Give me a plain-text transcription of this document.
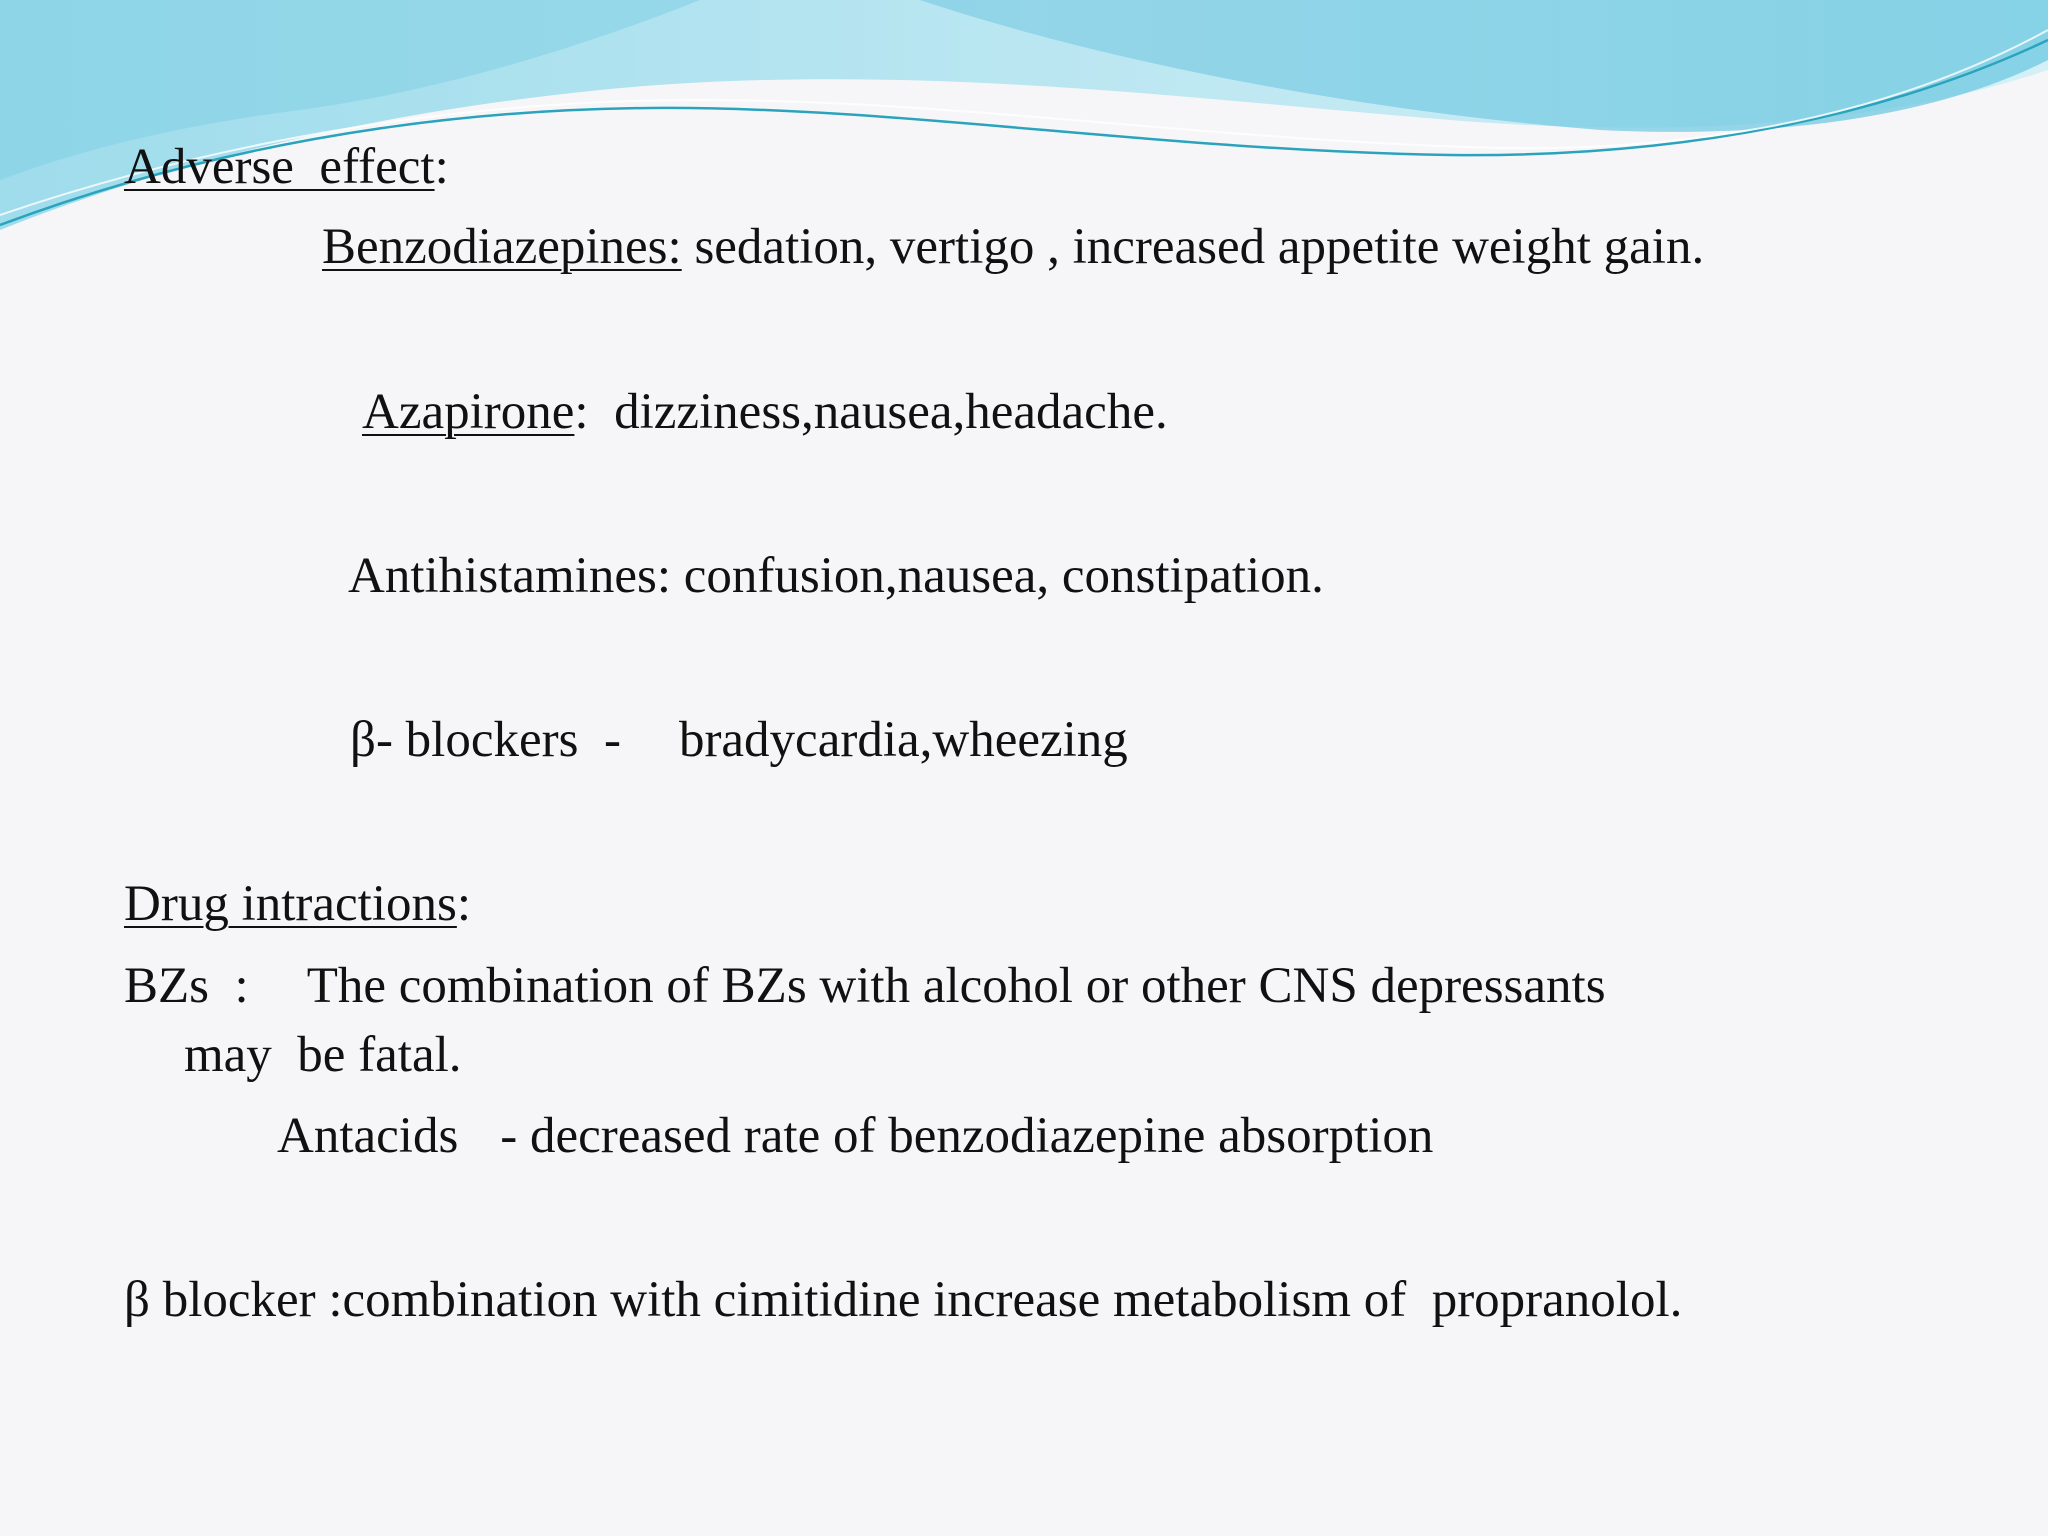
Adverse  effect:

Benzodiazepines: sedation, vertigo , increased appetite weight gain.

Azapirone:  dizziness,nausea,headache.

Antihistamines: confusion,nausea, constipation.

β- blockers  - bradycardia,wheezing

Drug intractions:

BZs  : The combination of BZs with alcohol or other CNS depressants

may  be fatal.

Antacids - decreased rate of benzodiazepine absorption

β blocker :combination with cimitidine increase metabolism of  propranolol.
